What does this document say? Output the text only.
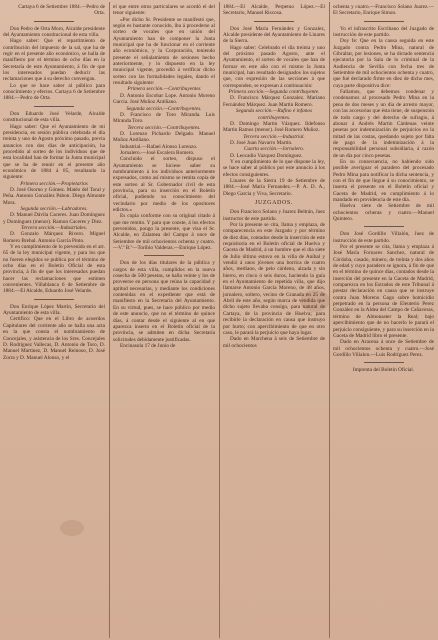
Cartaya 6 de Setiembre 1884.—Pedro de Orta.

Don Pedro de Orta Moro, Alcalde presidente del Ayuntamiento constitucional de esta villa.

Hago saber: Que el repartimiento de contribución del impuesto de la sal, que ha de regir en el presente año económico, se halla de manifiesto por el término de ocho días en la Secretaría de este Ayuntamiento, á fin de que los interesados puedan deducir las reclamaciones que á su derecho convengan.

Lo que se hace saber al público para conocimiento y efectos. Cartaya 6 de Setiembre 1884.—Pedro de Orta.

Don Eduardo José Velarde, Alcalde constitucional de esta villa.

Hago saber: Que el Ayuntamiento de mi presidencia, en sesión pública celebrada el día treinta y uno de Agosto próximo pasado, previa anuncios con dos días de anticipación, ha procedido al sorteo de los individuos que de esta localidad han de formar la Junta municipal que se ha de reunir en el presente año económico de 1884 á 85, resultando la siguiente:

Primera sección.—Propietarios

D. José Osorno y Gómez. Matéo del Toral y Peña. Antonio González Pabon. Diego Almonte Mora.

Segunda sección.—Labradores.

D. Manuel Dávila Caceres. Juan Domínguez y Domínguez (menor). Ramon Caceres y Diez.

Tercera sección.—Industriales.

D. Gonzalo Márquez Rivero. Miguel Romero Brebal. Antonio Garcia Pinto.

Y en cumplimiento de lo prevenido en el art. 65 de la ley municipal vigente, y para los que no fueren elegidos se publica por el término de ocho días en el Boletín Oficial de esta provincia, á fin de que los interesados puedan hacer las reclamaciones que estimen convenientes. Villablanca 6 de Setiembre de 1884.—El Alcalde, Eduardo José Velarde.

Don Enrique López Martín, Secretario del Ayuntamiento de esta villa.

Certifico: Que en el Libro de acuerdos Capitulares del corriente año se halla una acta en la que consta el nombramiento de Concejales, y asistencia de los Sres. Concejales D. Rodriguez Vallecas, D. Antonio de Toro, D. Manuel Martinez, D. Manuel Reinoso, D. José Zorra y D. Manuel Alonso, y el

el que entre otros particulares se acordó el del tenor siguiente:

«Por dicho Sr. Presidente se manifestó que, según es bastante conocido, iba á procederse al sorteo de vocales que en unión del Ayuntamiento han de componer la Junta municipal que ha de funcionar en el corriente año económico, y la Corporación, teniendo presente el señalamiento de sesiones hecho anteriormente, y lo dispuesto en la ley municipal vigente, procedió á verificar dicho sorteo con las formalidades legales, dando el resultado siguiente:

Primera sección.—Contribuyentes

D. Antonio Escobar Lope. Antonio Moreno Garcia. José Muñoz Antiñano.

Segunda sección.—Contribuyentes.

D. Francisco de Toro Miranda. Luis Miranda Toro.

Tercera sección.—Contribuyentes.

D. Lorenzo Pichardo Delgado. Manuel Muñoz Antiñano.

Industrial.—Rafael Alonso Lorenzo.

Jornalero.—José Escalera Romero.

Concluido el sorteo, dispuso el Ayuntamiento se hiciese saber su nombramiento á los individuos anteriormente expresados, como así mismo se remita copia de este sorteo al Sr. Gobernador civil de esta provincia, para su inserción en el Boletín oficial, pudiendo su conocimiento del vecindario por medio de los opositores edictos.»

Es copia conforme con su original citado á que me remito. Y para que conste, á los efectos prevenidos, pongo la presente, que visa el Sr. Alcalde, en Zalamea del Campo á once de Setiembre de mil ochocientos ochenta y cuatro.—V.º B.º—Toribio Valderas.—Enrique López.

Don de los días titulares de la pública y cargos de esta villa, cumplidos en la nueva cosecha de 500 pesetas, se halla veinte y los de proveerse en persona que reúna la capacidad y aptitud necesarias, y mediante los condiciones contenidas en el expediente que está de manifiesto en la Secretaría del Ayuntamiento. En su virtud, pues, se hace público por medio de este anuncio, que no el término de quince días, á contar desde el siguiente al en que aparezca inserto en el Boletín oficial de la provincia, se admiten en dicha Secretaría solicitudes debidamente justificadas.

Encinasola 17 de Junio de

1884.—El Alcalde, Perpetuo López.—El Secretario, Manuel Riscosa.

Don José María Fernández y Gonzalez, Alcalde presidente del Ayuntamiento de Linares de la Sierra.

Hago saber: Celebrado el día treinta y uno del próximo pasado Agosto, ante el Ayuntamiento, el sorteo de vocales que han de formar en este año con el mismo la Junta municipal, han resultado designados los sujetos que, con expresión de las secciones á que corresponden, se expresan á continuación:

Primera sección.—Segunda contribuyente.

D. Francisco Márquez Gonzalez. Mariano Fernández Márquez. Juan Martin Romero.

Segunda sección.—Rufino é infanos contribuyentes.

D. Domingo Martin Vázquez. Ildefonso Martin Ramos (menor). José Romero Muñoz.

Tercera sección.—Industrial.

D. José Juan Navarro Martin.

Cuarta sección.—Jornalero.

D. Leocadio Vazquez Domínguez.

Y en cumplimiento de lo que dispone la ley, se hace saber al público por este anuncio á los efectos consiguientes.

Linares de la Sierra 19 de Setiembre de 1884.—José María Fernandez.—P. A. D. A., Diego Garcia y Viva, Secretario.

JUZGADOS.

Don Francisco Solano y Juarez Beltrán, Juez instructor de este partido.

Por la presente se cita, llama y emplaza, de comparecencia en este Juzgado y por término de diez días, contados desde la inserción de este requisitoria en el Boletín oficial de Huelva y Gaceta de Madrid, á un hombre que el dia siete de Julio último estuvo en la villa de Aníbal y vendió á unos jóvenes una borrica de cuatro años, mediano, de pelo cárdeno, alzada y sin hierro, en cinco ó seis duros, haciendo la guía en el Ayuntamiento de repetida villa, que dijo llamarse Antonio Garcia Moreno, de 48 años, jornalero, soltero, vecino de Granada en 25 de Abril de este año, según marca de vendida que dicho sujeto llevaba consigo, para natural de Cartaya, de la provincia de Huelva; para recibirle la declaración en causa que instruyo por hurto; con apercibimiento de que en otro caso, le parará la perjuicio que haya lugar.

Dado en Marchena á seis de Setiembre de mil ochocientos

ochenta y cuatro.—Francisco Solano Juarez.—El Secretario, Enrique Simon.

Yo el infrascrito Escribano del Juzgado de instrucción de este partido.

Doy fe: Que en la causa seguida en este Juzgado contra Pedro Mina, natural de Gibraltar, por lesiones, se ha dictado sentencia ejecutoria por la Sala de lo criminal de la Audiencia de Sevilla con fecha tres de Setiembre de mil ochocientos ochenta y cuatro, que fué declarado firme en diez de dicho mes, cuya parte dispositiva dice:

Fallamos, que debemos condenar y condenamos al procesado Pedro Mina en la pena de dos meses y un dia de arresto mayor, con las accesorias que ésta tiene, de suspensión de todo cargo y del derecho de sufragio, á abonar á Andrés Martin Cárdenas veinte pesetas por indemnización de perjuicios en la mitad de las costas, quedando sujeto por falta de pago de la indemnización á la responsabilidad personal subsidiaria, á razón de un día por cinco pesetas.

En su consecuencia, no habiendo sido posible averiguar el paradero del procesado Pedro Mina para notificar la dicha sentencia, y con el fin de que llegue á su conocimiento, se inserta el presente en el Boletín oficial y Gaceta de Madrid, en cumplimiento á lo mandado en providencia de este día.

Huelva siete de Setiembre de mil ochocientos ochenta y cuatro.—Manuel Quintero.

Don José Gordillo Villalón, Juez de instrucción de este partido.

Por el presente se cita, llama y emplaza á José María Fornaces Sanchez, natural de Córdoba, casado, minero, de treinta y dos años de edad y cuyo paradero se ignora, á fin de que en el término de quince días, contados desde la inserción del presente en la Gaceta de Madrid, comparezca en los Estrados de este Tribunal á prestar declaración en causa que se instruye contra Juan Moreno Gago sobre homicidio perpetrado en la persona de Eleuterio Perez González en la Aldea del Campo de Cañaveras, término de Almonaster la Real; bajo apercibimiento que de no hacerlo le parará el perjuicio consiguiente, y para su inserción en la Gaceta de Madrid libro el presente.

Dado en Aracena á once de Setiembre de mil ochocientos ochenta y cuatro.—José Gordillo Villalon.—Luis Rodríguez Perez.

Imprenta del Boletín Oficial.
